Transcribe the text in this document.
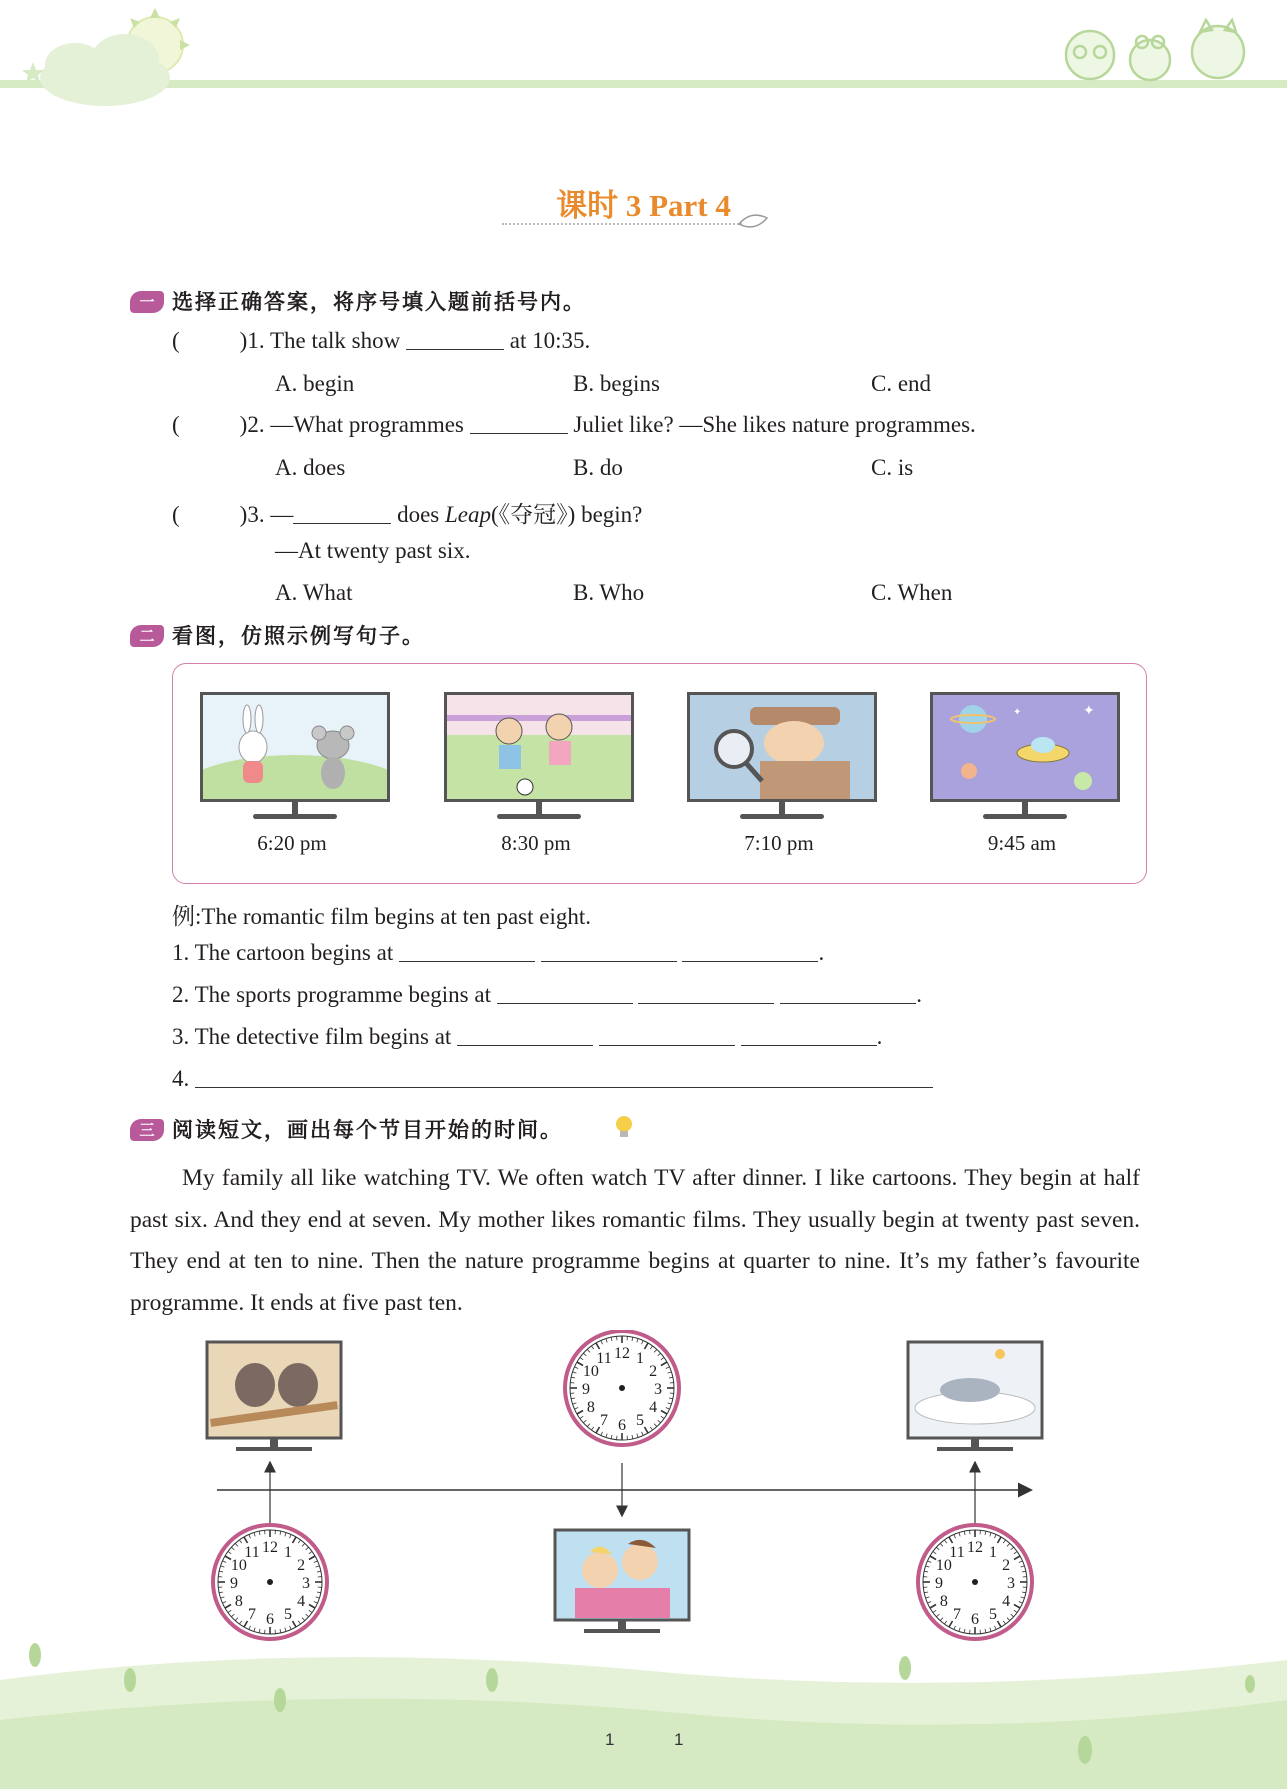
课时 3 Part 4
一 选择正确答案，将序号填入题前括号内。
(	)1. The talk show	at 10:35.
A. begin	B. begins	C. end
(	)2. —What programmes	Juliet like? —She likes nature programmes.
A. does	B. do	C. is
(	)3. —	does Leap(《夺冠》) begin?
—At twenty past six.
A. What	B. Who	C. When
二 看图，仿照示例写句子。
6:20 pm	8:30 pm	7:10 pm
✦
✦
9:45 am
例:The romantic film begins at ten past eight.
1. The cartoon begins at	.
2. The sports programme begins at	.
3. The detective film begins at	.
4.
三 阅读短文，画出每个节目开始的时间。
My family all like watching TV. We often watch TV after dinner. I like cartoons. They begin at half past six. And they end at seven. My mother likes romantic films. They usually begin at twenty past seven. They end at ten to nine. Then the nature programme begins at quarter to nine. It’s my father’s favourite programme. It ends at five past ten.
12 1
2
3
4
5
6
7
8
9
10
11
12 1
2
3
4
5
6
7
8
9
10
11	12 1
2
3
4
5
6
7
8
9
10
11
1	1
